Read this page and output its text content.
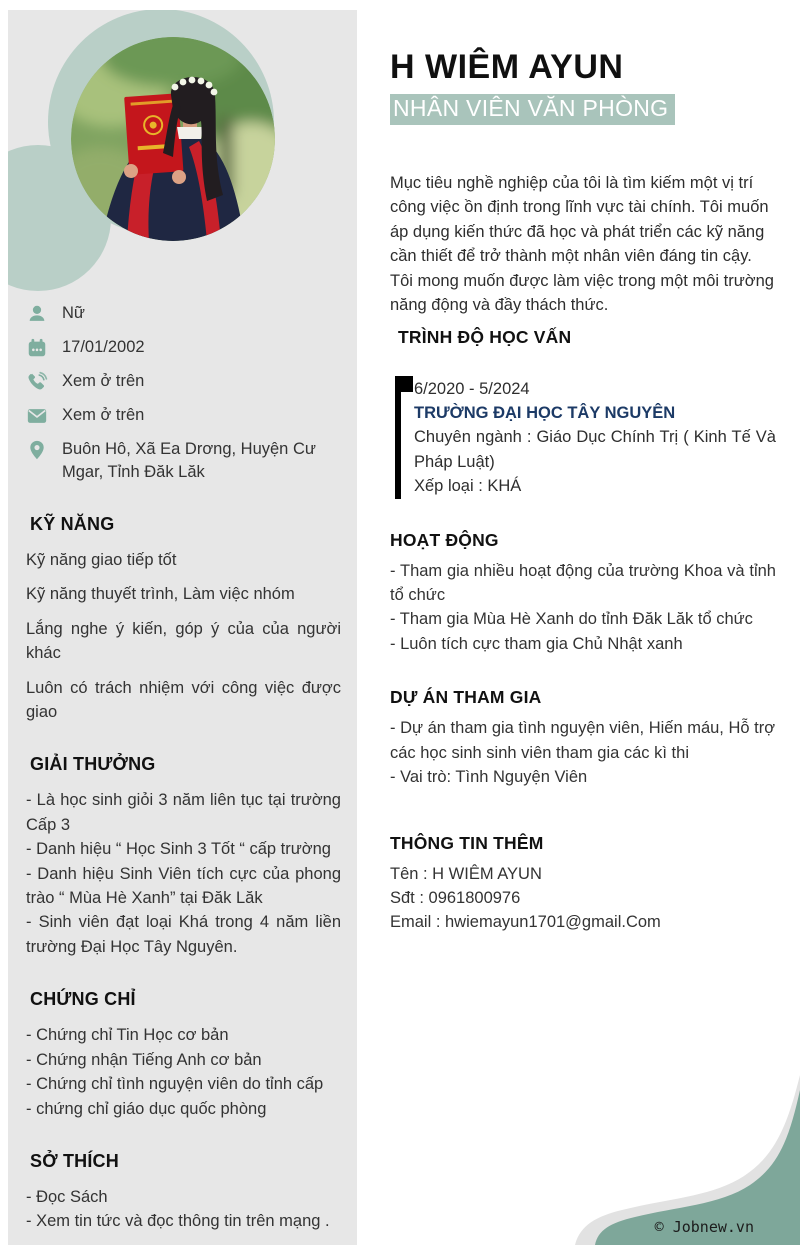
Nữ
17/01/2002
Xem ở trên
Xem ở trên
Buôn Hô, Xã Ea Drơng, Huyện Cư Mgar, Tỉnh Đăk Lăk
KỸ NĂNG
Kỹ năng giao tiếp tốt
Kỹ năng thuyết trình, Làm việc nhóm
Lắng nghe ý kiến, góp ý của của người khác
Luôn có trách nhiệm với công việc được giao
GIẢI THƯỞNG
- Là học sinh giỏi 3 năm liên tục tại trường Cấp 3
- Danh hiệu “ Học Sinh 3 Tốt “ cấp trường
- Danh hiệu Sinh Viên tích cực của phong trào “ Mùa Hè Xanh” tại Đăk Lăk
- Sinh viên đạt loại Khá trong 4 năm liền trường Đại Học Tây Nguyên.
CHỨNG CHỈ
- Chứng chỉ Tin Học cơ bản
- Chứng nhận Tiếng Anh cơ bản
- Chứng chỉ tình nguyện viên do tỉnh cấp
- chứng chỉ giáo dục quốc phòng
SỞ THÍCH
- Đọc Sách
- Xem tin tức và đọc thông tin trên mạng .
H WIÊM AYUN
NHÂN VIÊN VĂN PHÒNG

Mục tiêu nghề nghiệp của tôi là tìm kiếm một vị trí công việc ồn định trong lĩnh vực tài chính. Tôi muốn áp dụng kiến thức đã học và phát triển các kỹ năng cần thiết để trở thành một nhân viên đáng tin cậy. Tôi mong muốn được làm việc trong một môi trường năng động và đầy thách thức.

TRÌNH ĐỘ HỌC VẤN
6/2020 - 5/2024
TRƯỜNG ĐẠI HỌC TÂY NGUYÊN
Chuyên ngành : Giáo Dục Chính Trị ( Kinh Tế Và Pháp Luật)
Xếp loại : KHÁ
HOẠT ĐỘNG
- Tham gia nhiều hoạt động của trường Khoa và tỉnh tổ chức
- Tham gia Mùa Hè Xanh do tỉnh Đăk Lăk tổ chức
- Luôn tích cực tham gia Chủ Nhật xanh
DỰ ÁN THAM GIA
- Dự án tham gia tình nguyện viên, Hiến máu, Hỗ trợ các học sinh sinh viên tham gia các kì thi
- Vai trò: Tình Nguyện Viên
THÔNG TIN THÊM
Tên : H WIÊM AYUN
Sđt : 0961800976
Email : hwiemayun1701@gmail.Com
© Jobnew.vn
